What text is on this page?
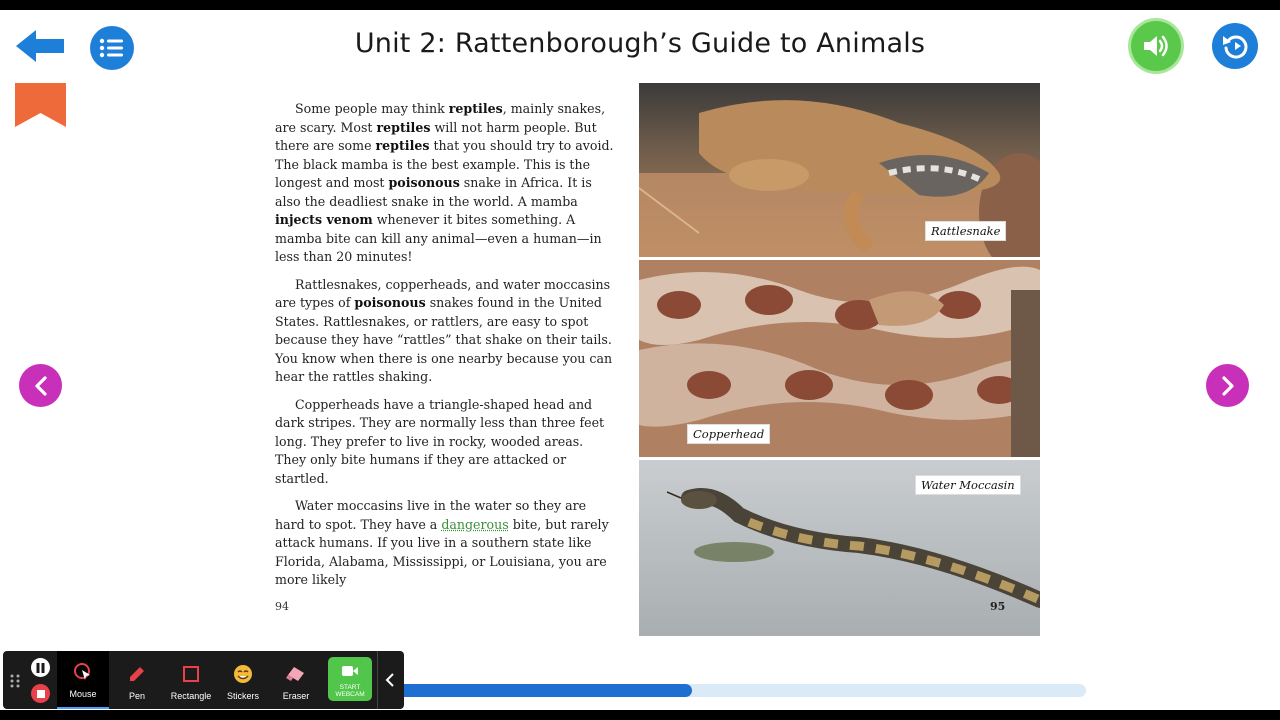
Unit 2: Rattenborough’s Guide to Animals

Some people may think reptiles, mainly snakes, are scary. Most reptiles will not harm people. But there are some reptiles that you should try to avoid. The black mamba is the best example. This is the longest and most poisonous snake in Africa. It is also the deadliest snake in the world. A mamba injects venom whenever it bites something. A mamba bite can kill any animal—even a human—in less than 20 minutes!

Rattlesnakes, copperheads, and water moccasins are types of poisonous snakes found in the United States. Rattlesnakes, or rattlers, are easy to spot because they have “rattles” that shake on their tails. You know when there is one nearby because you can hear the rattles shaking.

Copperheads have a triangle-shaped head and dark stripes. They are normally less than three feet long. They prefer to live in rocky, wooded areas. They only bite humans if they are attacked or startled.

Water moccasins live in the water so they are hard to spot. They have a dangerous bite, but rarely attack humans. If you live in a southern state like Florida, Alabama, Mississippi, or Louisiana, you are more likely

94
Rattlesnake
Copperhead
Water Moccasin
95
Mouse	Pen	Rectangle Stickers	Eraser
START
WEBCAM
